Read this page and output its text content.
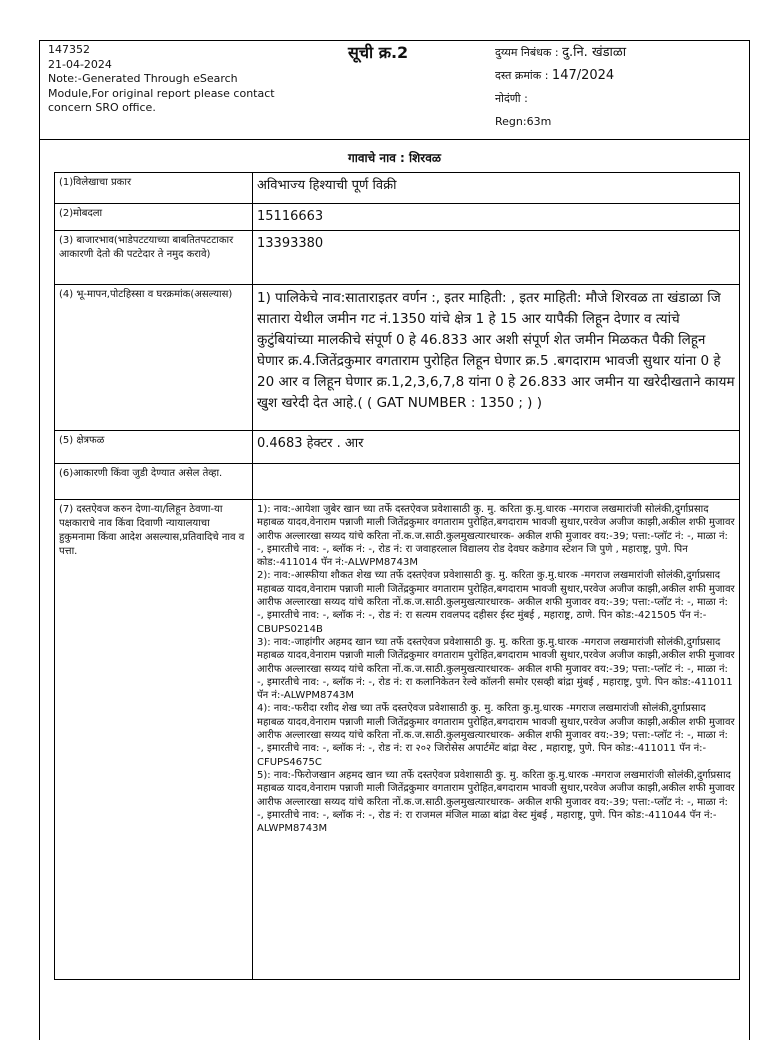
147352
21-04-2024
Note:-Generated Through eSearch Module,For original report please contact concern SRO office.
सूची क्र.2	दुय्यम निबंधक : दु.नि. खंडाळा
दस्त क्रमांक : 147/2024
नोदंणी :
Regn:63m
गावाचे नाव : शिरवळ
(1)विलेखाचा प्रकार	अविभाज्य हिश्याची पूर्ण विक्री
(2)मोबदला	15116663
(3) बाजारभाव(भाडेपटटयाच्या बाबतितपटटाकार आकारणी देतो की पटटेदार ते नमुद करावे)	13393380
(4) भू-मापन,पोटहिस्सा व घरक्रमांक(असल्यास)	1) पालिकेचे नाव:साताराइतर वर्णन :, इतर माहिती: , इतर माहिती: मौजे शिरवळ ता खंडाळा जि सातारा येथील जमीन गट नं.1350 यांचे क्षेत्र 1 हे 15 आर यापैकी लिहून देणार व त्यांचे कुटुंबियांच्या मालकीचे संपूर्ण 0 हे 46.833 आर अशी संपूर्ण शेत जमीन मिळकत पैकी लिहून घेणार क्र.4.जितेंद्रकुमार वगताराम पुरोहित लिहून घेणार क्र.5 .बगदाराम भावजी सुथार यांना 0 हे 20 आर व लिहून घेणार क्र.1,2,3,6,7,8 यांना 0 हे 26.833 आर जमीन या खरेदीखताने कायम खुश खरेदी देत आहे.( ( GAT NUMBER : 1350 ; ) )
(5) क्षेत्रफळ	0.4683 हेक्टर . आर
(6)आकारणी किंवा जुडी देण्यात असेल तेव्हा.	
(7) दस्तऐवज करुन देणा-या/लिहून ठेवणा-या पक्षकाराचे नाव किंवा दिवाणी न्यायालयाचा हुकुमनामा किंवा आदेश असल्यास,प्रतिवादिचे नाव व पत्ता.	1): नाव:-आयेशा जुबेर खान च्या तर्फे दस्तऐवज प्रवेशासाठी कु. मु. करिता कु.मु.धारक -मगराज लखमारांजी सोलंकी,दुर्गाप्रसाद महाबळ यादव,वेनाराम पन्नाजी माली जितेंद्रकुमार वगताराम पुरोहित,बगदाराम भावजी सुथार,परवेज अजीज काझी,अकील शफी मुजावर आरीफ अल्लारखा सय्यद यांचे करिता नों.क.ज.साठी.कुलमुखत्यारधारक- अकील शफी मुजावर वय:-39; पत्ता:-प्लॉट नं: -, माळा नं: -, इमारतीचे नाव: -, ब्लॉक नं: -, रोड नं: रा जवाहरलाल विद्यालय रोड देवघर कडेगाव स्टेशन जि पुणे , महाराष्ट्र, पुणे. पिन कोड:-411014 पॅन नं:-ALWPM8743M
2): नाव:-आस्फीया शौकत शेख च्या तर्फे दस्तऐवज प्रवेशासाठी कु. मु. करिता कु.मु.धारक -मगराज लखमारांजी सोलंकी,दुर्गाप्रसाद महाबळ यादव,वेनाराम पन्नाजी माली जितेंद्रकुमार वगताराम पुरोहित,बगदाराम भावजी सुथार,परवेज अजीज काझी,अकील शफी मुजावर आरीफ अल्लारखा सय्यद यांचे करिता नों.क.ज.साठी.कुलमुखत्यारधारक- अकील शफी मुजावर वय:-39; पत्ता:-प्लॉट नं: -, माळा नं: -, इमारतीचे नाव: -, ब्लॉक नं: -, रोड नं: रा सत्यम रावलपद दहीसर ईस्ट मुंबई , महाराष्ट्र, ठाणे. पिन कोड:-421505 पॅन नं:-CBUPS0214B
3): नाव:-जाहांगीर अहमद खान च्या तर्फे दस्तऐवज प्रवेशासाठी कु. मु. करिता कु.मु.धारक -मगराज लखमारांजी सोलंकी,दुर्गाप्रसाद महाबळ यादव,वेनाराम पन्नाजी माली जितेंद्रकुमार वगताराम पुरोहित,बगदाराम भावजी सुथार,परवेज अजीज काझी,अकील शफी मुजावर आरीफ अल्लारखा सय्यद यांचे करिता नों.क.ज.साठी.कुलमुखत्यारधारक- अकील शफी मुजावर वय:-39; पत्ता:-प्लॉट नं: -, माळा नं: -, इमारतीचे नाव: -, ब्लॉक नं: -, रोड नं: रा कलानिकेतन रेल्वे कॉलनी समोर एसव्ही बांद्रा मुंबई , महाराष्ट्र, पुणे. पिन कोड:-411011 पॅन नं:-ALWPM8743M
4): नाव:-फरीदा रशीद शेख च्या तर्फे दस्तऐवज प्रवेशासाठी कु. मु. करिता कु.मु.धारक -मगराज लखमारांजी सोलंकी,दुर्गाप्रसाद महाबळ यादव,वेनाराम पन्नाजी माली जितेंद्रकुमार वगताराम पुरोहित,बगदाराम भावजी सुथार,परवेज अजीज काझी,अकील शफी मुजावर आरीफ अल्लारखा सय्यद यांचे करिता नों.क.ज.साठी.कुलमुखत्यारधारक- अकील शफी मुजावर वय:-39; पत्ता:-प्लॉट नं: -, माळा नं: -, इमारतीचे नाव: -, ब्लॉक नं: -, रोड नं: रा २०२ जिरोसेस अपार्टमेंट बांद्रा वेस्ट , महाराष्ट्र, पुणे. पिन कोड:-411011 पॅन नं:-CFUPS4675C
5): नाव:-फिरोजखान अहमद खान च्या तर्फे दस्तऐवज प्रवेशासाठी कु. मु. करिता कु.मु.धारक -मगराज लखमारांजी सोलंकी,दुर्गाप्रसाद महाबळ यादव,वेनाराम पन्नाजी माली जितेंद्रकुमार वगताराम पुरोहित,बगदाराम भावजी सुथार,परवेज अजीज काझी,अकील शफी मुजावर आरीफ अल्लारखा सय्यद यांचे करिता नों.क.ज.साठी.कुलमुखत्यारधारक- अकील शफी मुजावर वय:-39; पत्ता:-प्लॉट नं: -, माळा नं: -, इमारतीचे नाव: -, ब्लॉक नं: -, रोड नं: रा राजमल मंजिल माळा बांद्रा वेस्ट मुंबई , महाराष्ट्र, पुणे. पिन कोड:-411044 पॅन नं:-ALWPM8743M
